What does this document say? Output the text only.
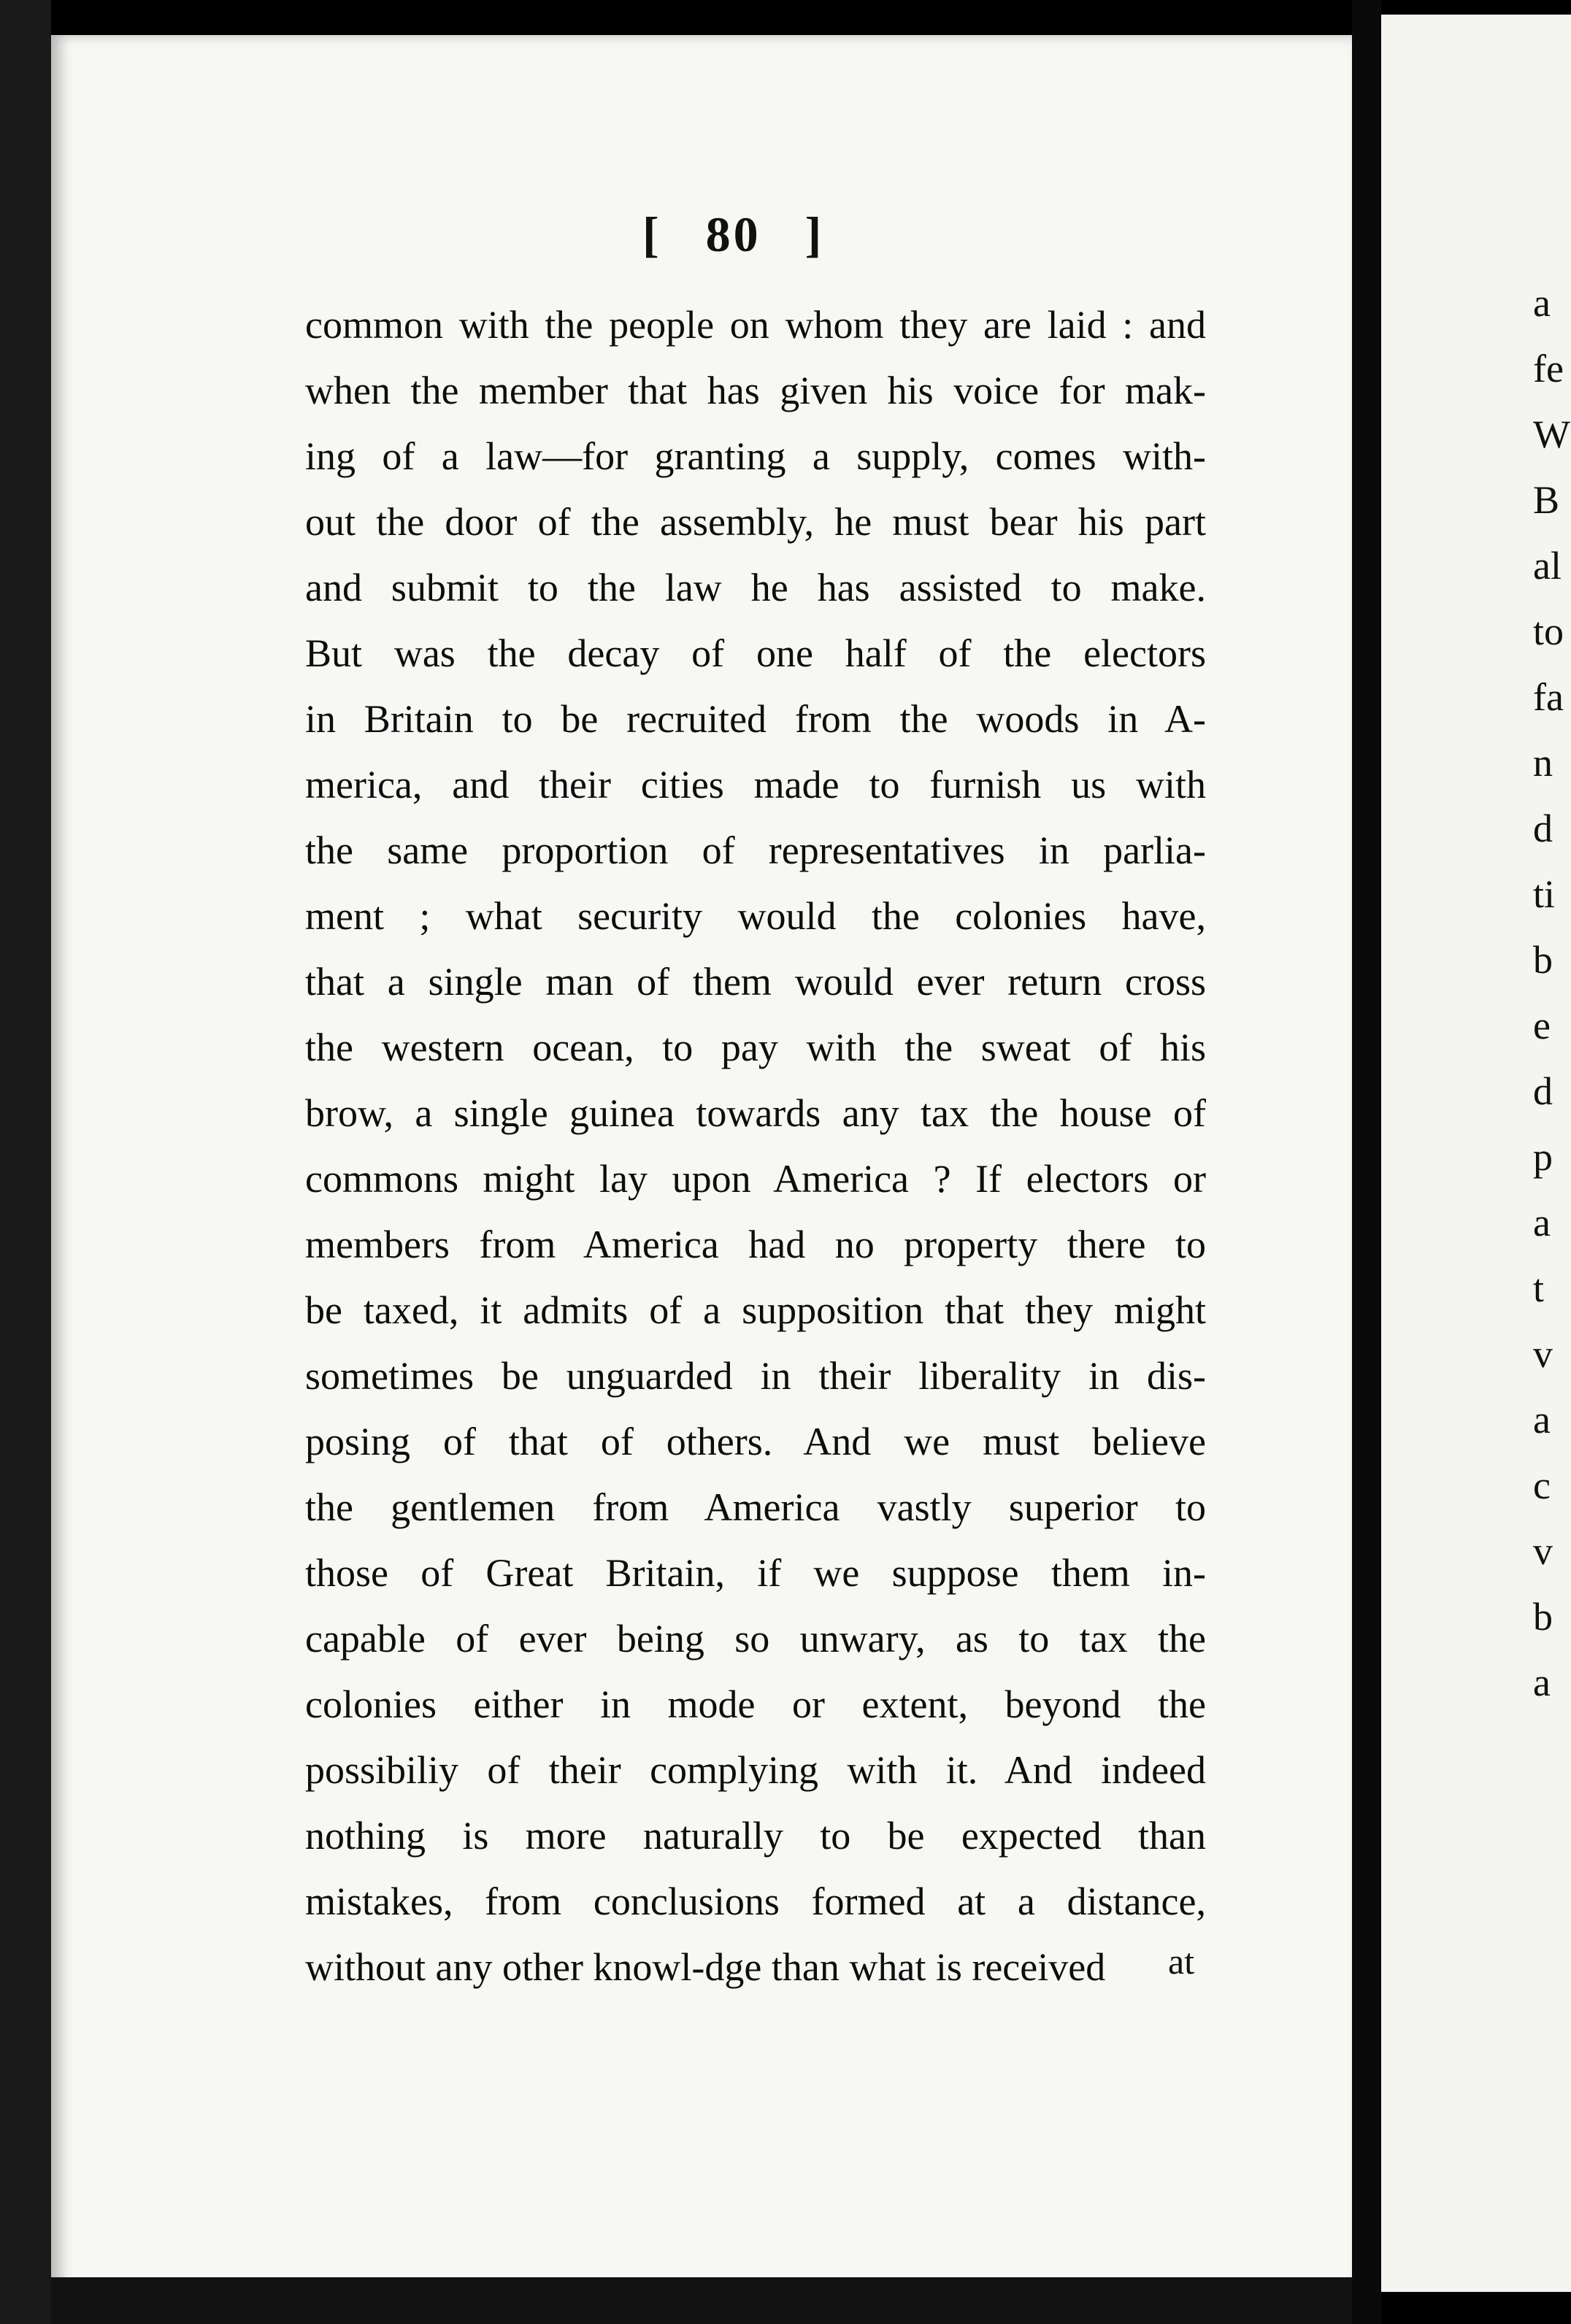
[ 80 ]
common with the people on whom they are laid : and
when the member that has given his voice for mak-
ing of a law—for granting a supply, comes with-
out the door of the assembly, he must bear his part
and submit to the law he has assisted to make.
But was the decay of one half of the electors
in Britain to be recruited from the woods in A-
merica, and their cities made to furnish us with
the same proportion of representatives in parlia-
ment ; what security would the colonies have,
that a single man of them would ever return cross
the western ocean, to pay with the sweat of his
brow, a single guinea towards any tax the house of
commons might lay upon America ? If electors or
members from America had no property there to
be taxed, it admits of a supposition that they might
sometimes be unguarded in their liberality in dis-
posing of that of others. And we must believe
the gentlemen from America vastly superior to
those of Great Britain, if we suppose them in-
capable of ever being so unwary, as to tax the
colonies either in mode or extent, beyond the
possibiliy of their complying with it. And indeed
nothing is more naturally to be expected than
mistakes, from conclusions formed at a distance,
without any other knowl-dge than what is received	at
a
fe
W
B
al
to
fa
n
d
ti
b
e
d
p
a
t
v
a
c
v
b
a
